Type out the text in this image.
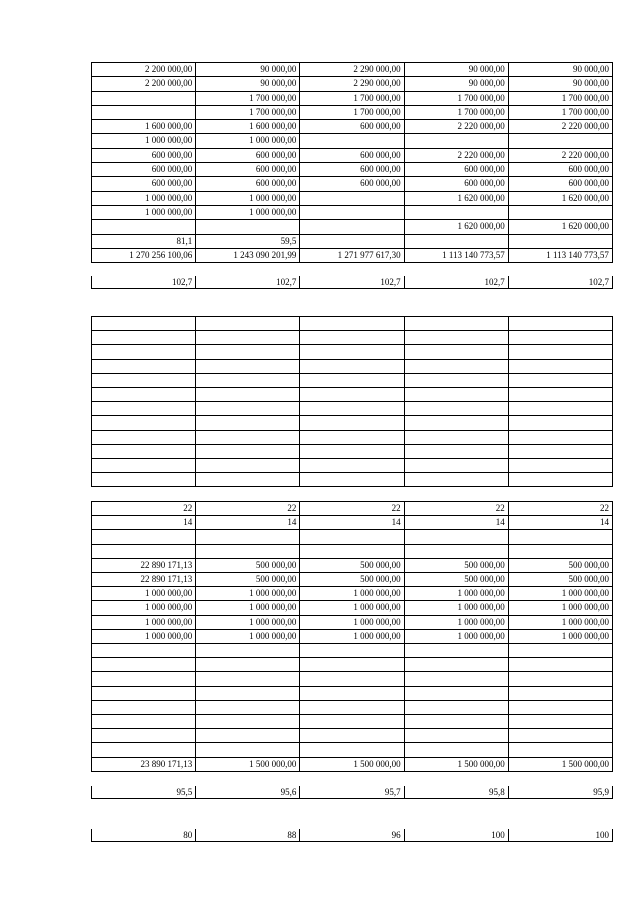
2 200 000,00	90 000,00	2 290 000,00	90 000,00	90 000,00
2 200 000,00	90 000,00	2 290 000,00	90 000,00	90 000,00
	1 700 000,00	1 700 000,00	1 700 000,00	1 700 000,00
	1 700 000,00	1 700 000,00	1 700 000,00	1 700 000,00
1 600 000,00	1 600 000,00	600 000,00	2 220 000,00	2 220 000,00
1 000 000,00	1 000 000,00			
600 000,00	600 000,00	600 000,00	2 220 000,00	2 220 000,00
600 000,00	600 000,00	600 000,00	600 000,00	600 000,00
600 000,00	600 000,00	600 000,00	600 000,00	600 000,00
1 000 000,00	1 000 000,00		1 620 000,00	1 620 000,00
1 000 000,00	1 000 000,00			
			1 620 000,00	1 620 000,00
81,1	59,5			
1 270 256 100,06	1 243 090 201,99	1 271 977 617,30	1 113 140 773,57	1 113 140 773,57
102,7	102,7	102,7	102,7	102,7

22	22	22	22	22
14	14	14	14	14

22 890 171,13	500 000,00	500 000,00	500 000,00	500 000,00
22 890 171,13	500 000,00	500 000,00	500 000,00	500 000,00
1 000 000,00	1 000 000,00	1 000 000,00	1 000 000,00	1 000 000,00
1 000 000,00	1 000 000,00	1 000 000,00	1 000 000,00	1 000 000,00
1 000 000,00	1 000 000,00	1 000 000,00	1 000 000,00	1 000 000,00
1 000 000,00	1 000 000,00	1 000 000,00	1 000 000,00	1 000 000,00

23 890 171,13	1 500 000,00	1 500 000,00	1 500 000,00	1 500 000,00
95,5	95,6	95,7	95,8	95,9
80	88	96	100	100
